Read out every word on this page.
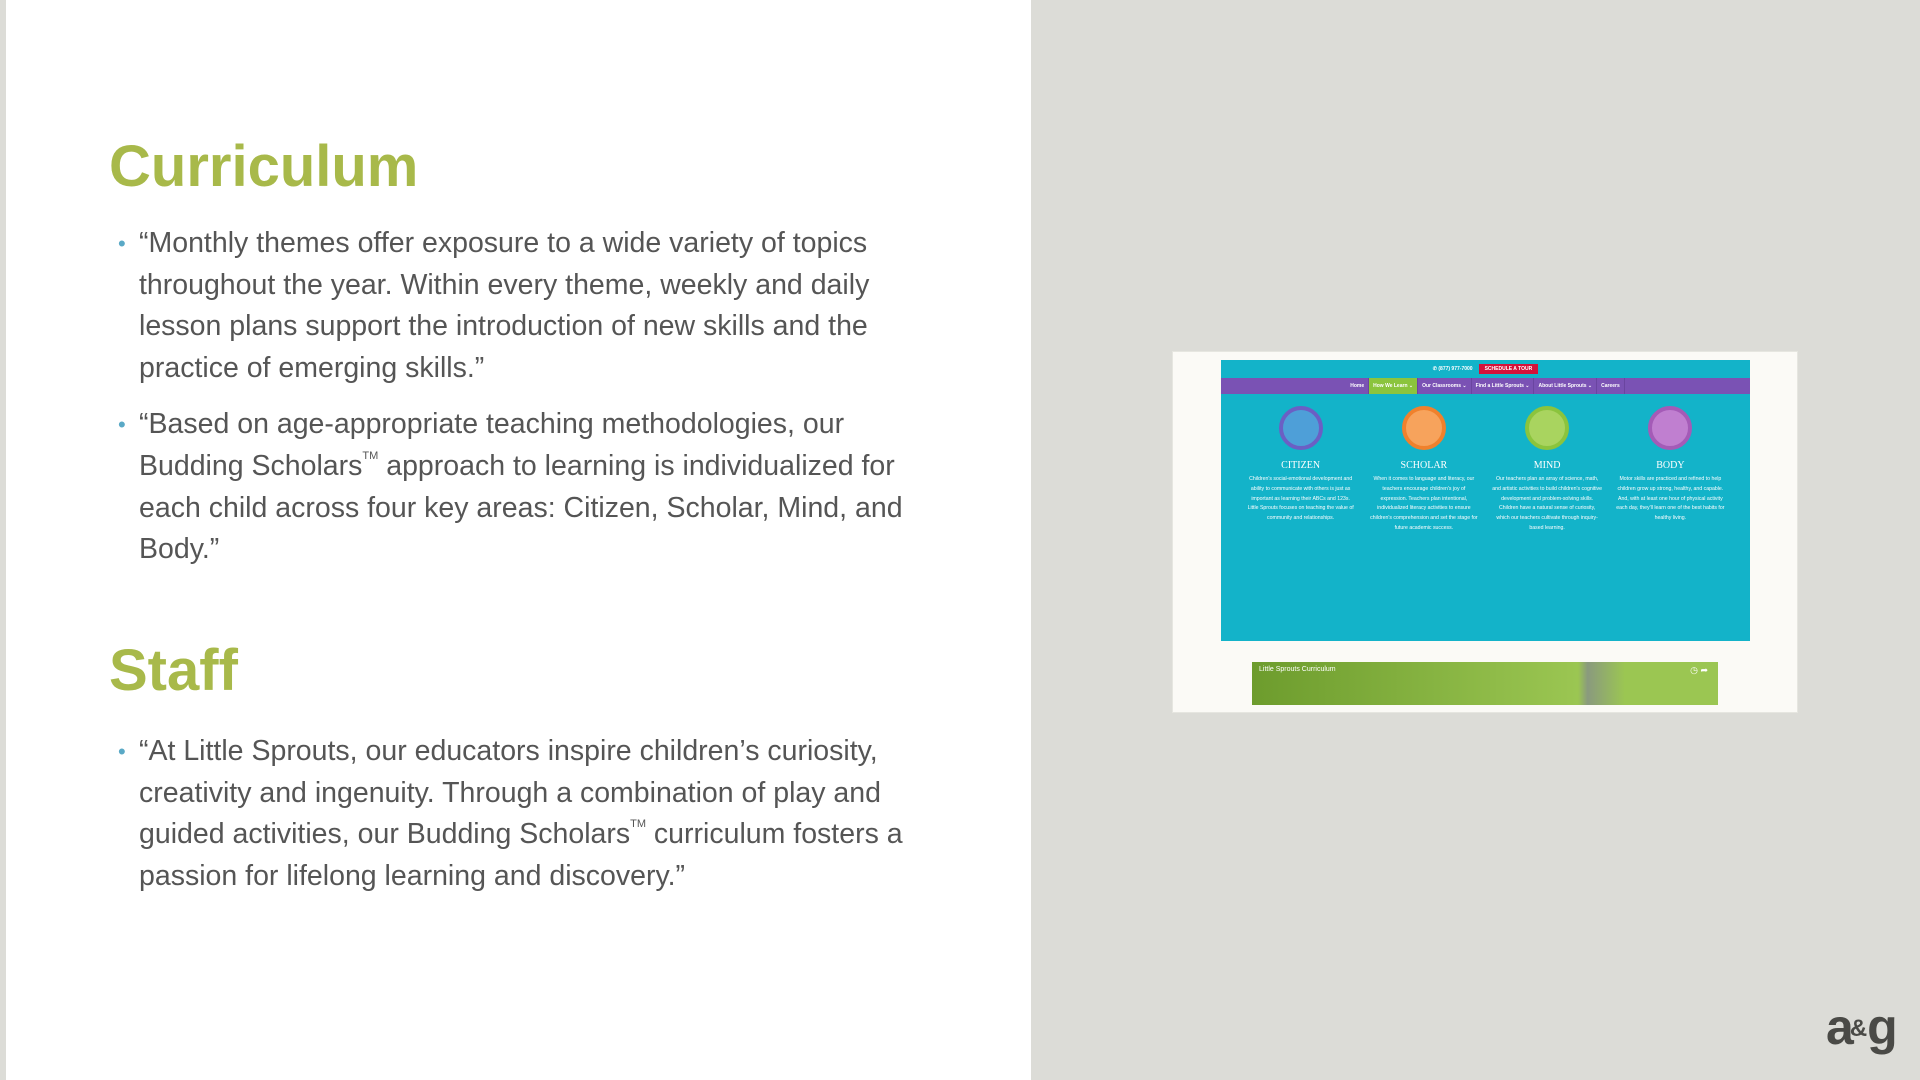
Curriculum
• “Monthly themes offer exposure to a wide variety of topics throughout the year. Within every theme, weekly and daily lesson plans support the introduction of new skills and the practice of emerging skills.”
• “Based on age-appropriate teaching methodologies, our Budding Scholars™ approach to learning is individualized for each child across four key areas: Citizen, Scholar, Mind, and Body.”
Staff
• “At Little Sprouts, our educators inspire children’s curiosity, creativity and ingenuity. Through a combination of play and guided activities, our Budding Scholars™ curriculum fosters a passion for lifelong learning and discovery.”
✆ (877) 977-7000	SCHEDULE A TOUR
Home	How We Learn ⌄	Our Classrooms ⌄	Find a Little Sprouts ⌄	About Little Sprouts ⌄	Careers
CITIZEN
Children's social-emotional development and ability to communicate with others is just as important as learning their ABCs and 123s. Little Sprouts focuses on teaching the value of community and relationships.
SCHOLAR
When it comes to language and literacy, our teachers encourage children's joy of expression. Teachers plan intentional, individualized literacy activities to ensure children's comprehension and set the stage for future academic success.
MIND
Our teachers plan an array of science, math, and artistic activities to build children's cognitive development and problem-solving skills. Children have a natural sense of curiosity, which our teachers cultivate through inquiry-based learning.
BODY
Motor skills are practiced and refined to help children grow up strong, healthy, and capable. And, with at least one hour of physical activity each day, they'll learn one of the best habits for healthy living.
Little Sprouts Curriculum	◷ ➦
a&g
